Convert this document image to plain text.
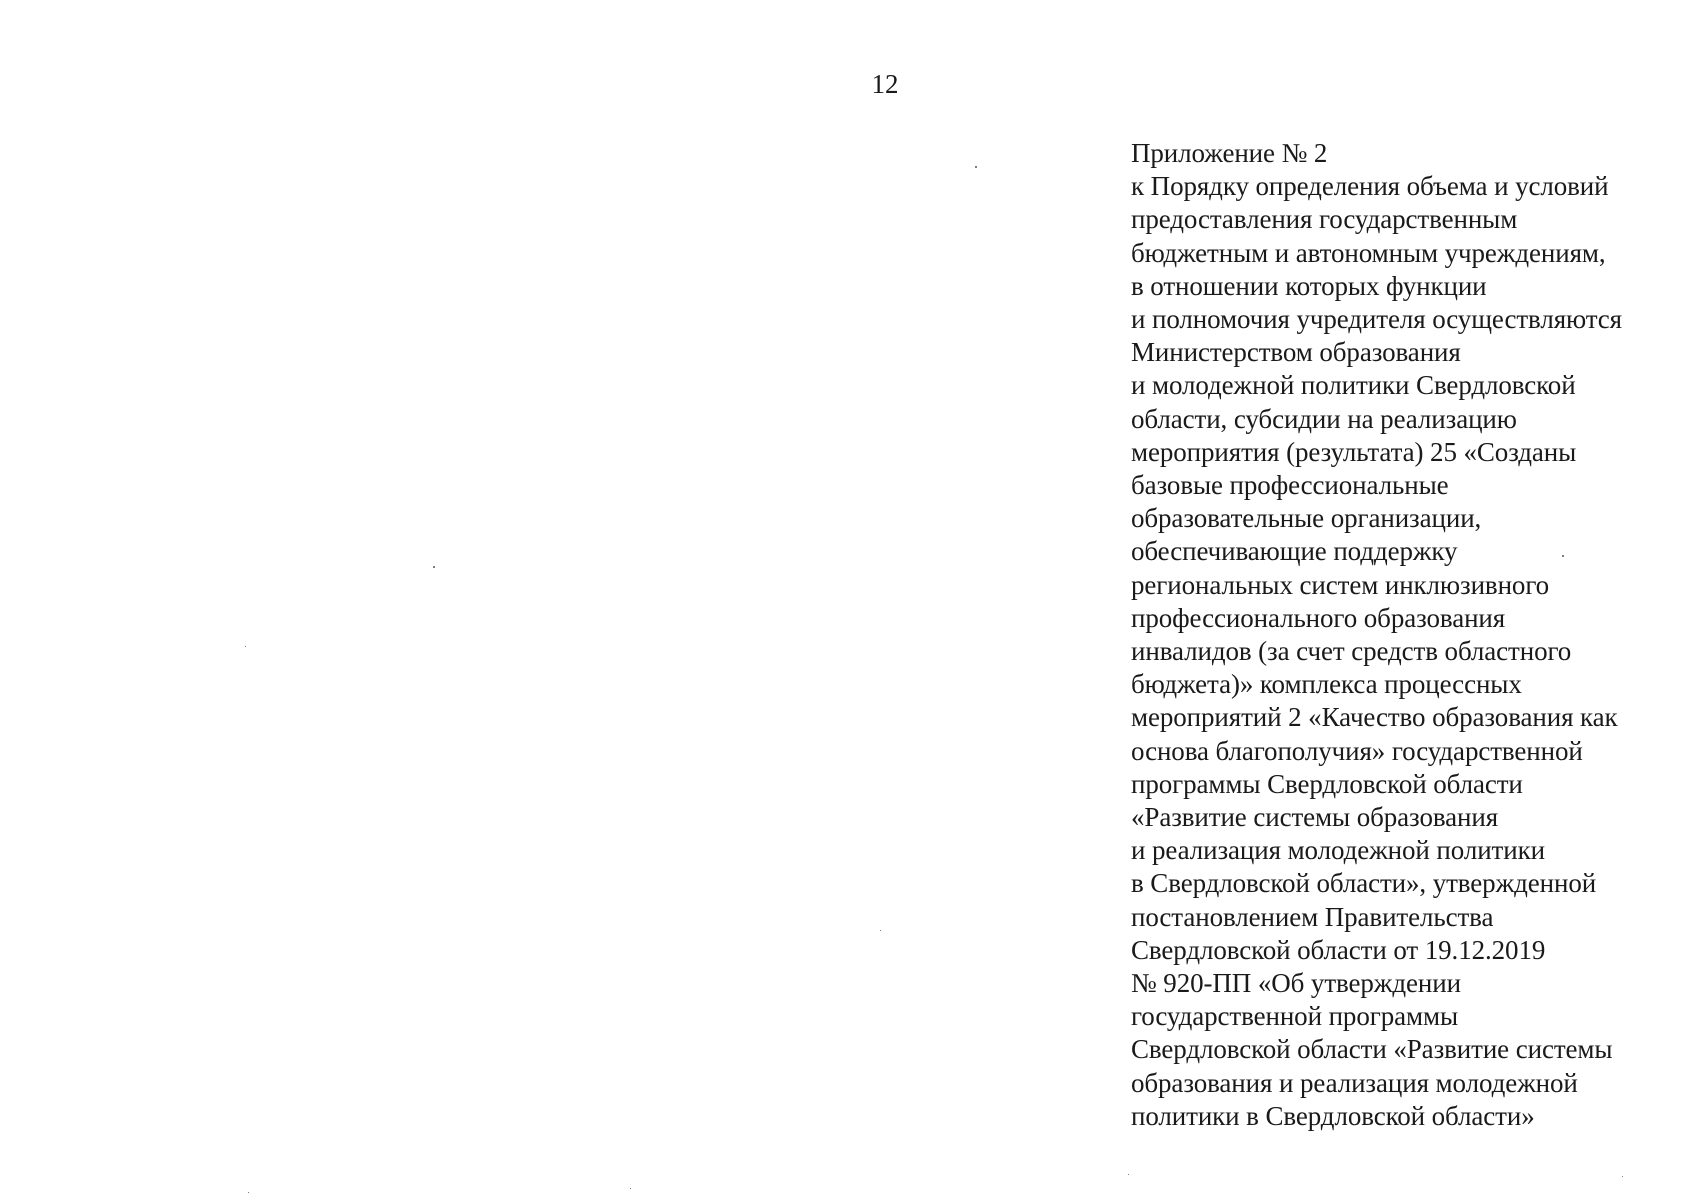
12
Приложение № 2
к Порядку определения объема и условий
предоставления государственным
бюджетным и автономным учреждениям,
в отношении которых функции
и полномочия учредителя осуществляются
Министерством образования
и молодежной политики Свердловской
области, субсидии на реализацию
мероприятия (результата) 25 «Созданы
базовые профессиональные
образовательные организации,
обеспечивающие поддержку
региональных систем инклюзивного
профессионального образования
инвалидов (за счет средств областного
бюджета)» комплекса процессных
мероприятий 2 «Качество образования как
основа благополучия» государственной
программы Свердловской области
«Развитие системы образования
и реализация молодежной политики
в Свердловской области», утвержденной
постановлением Правительства
Свердловской области от 19.12.2019
№ 920-ПП «Об утверждении
государственной программы
Свердловской области «Развитие системы
образования и реализация молодежной
политики в Свердловской области»
